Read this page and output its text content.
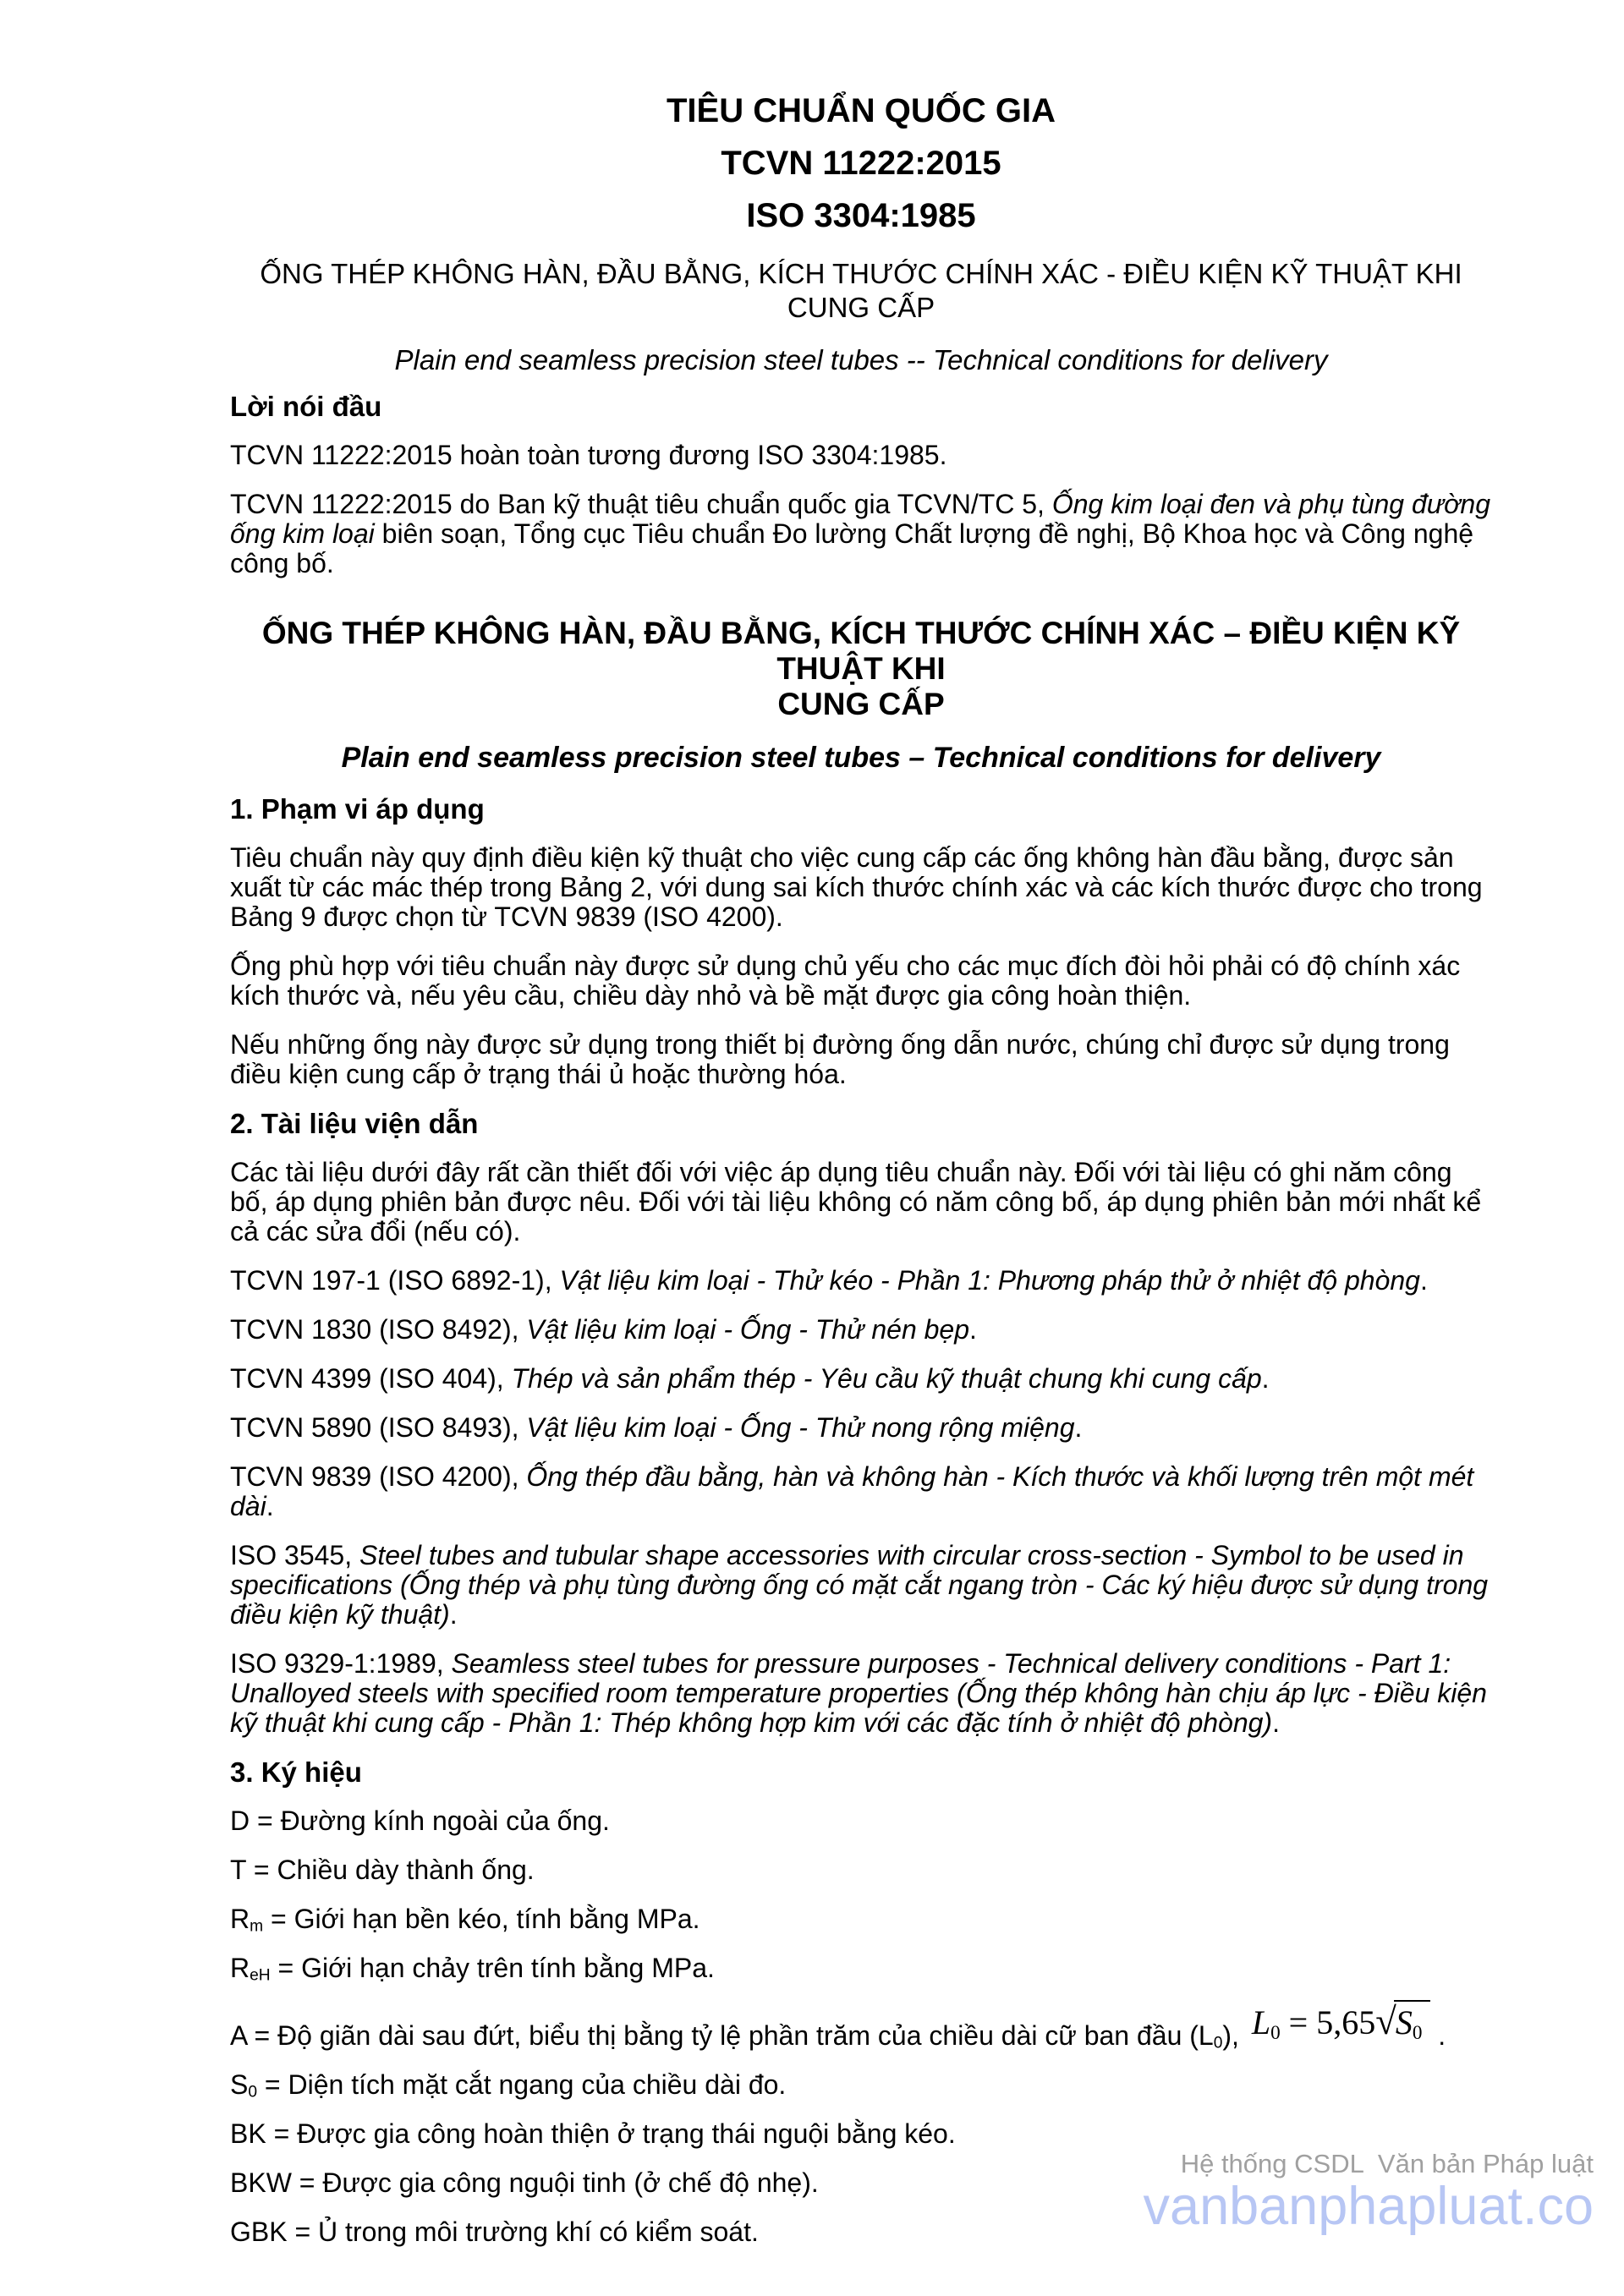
TIÊU CHUẨN QUỐC GIA

TCVN 11222:2015

ISO 3304:1985

ỐNG THÉP KHÔNG HÀN, ĐẦU BẰNG, KÍCH THƯỚC CHÍNH XÁC - ĐIỀU KIỆN KỸ THUẬT KHI
CUNG CẤP

Plain end seamless precision steel tubes -- Technical conditions for delivery

Lời nói đầu

TCVN 11222:2015 hoàn toàn tương đương ISO 3304:1985.

TCVN 11222:2015 do Ban kỹ thuật tiêu chuẩn quốc gia TCVN/TC 5, Ống kim loại đen và phụ tùng đường ống kim loại biên soạn, Tổng cục Tiêu chuẩn Đo lường Chất lượng đề nghị, Bộ Khoa học và Công nghệ công bố.

ỐNG THÉP KHÔNG HÀN, ĐẦU BẰNG, KÍCH THƯỚC CHÍNH XÁC – ĐIỀU KIỆN KỸ THUẬT KHI
CUNG CẤP

Plain end seamless precision steel tubes – Technical conditions for delivery

1. Phạm vi áp dụng

Tiêu chuẩn này quy định điều kiện kỹ thuật cho việc cung cấp các ống không hàn đầu bằng, được sản xuất từ các mác thép trong Bảng 2, với dung sai kích thước chính xác và các kích thước được cho trong Bảng 9 được chọn từ TCVN 9839 (ISO 4200).

Ống phù hợp với tiêu chuẩn này được sử dụng chủ yếu cho các mục đích đòi hỏi phải có độ chính xác kích thước và, nếu yêu cầu, chiều dày nhỏ và bề mặt được gia công hoàn thiện.

Nếu những ống này được sử dụng trong thiết bị đường ống dẫn nước, chúng chỉ được sử dụng trong điều kiện cung cấp ở trạng thái ủ hoặc thường hóa.

2. Tài liệu viện dẫn

Các tài liệu dưới đây rất cần thiết đối với việc áp dụng tiêu chuẩn này. Đối với tài liệu có ghi năm công bố, áp dụng phiên bản được nêu. Đối với tài liệu không có năm công bố, áp dụng phiên bản mới nhất kể cả các sửa đổi (nếu có).

TCVN 197-1 (ISO 6892-1), Vật liệu kim loại - Thử kéo - Phần 1: Phương pháp thử ở nhiệt độ phòng.

TCVN 1830 (ISO 8492), Vật liệu kim loại - Ống - Thử nén bẹp.

TCVN 4399 (ISO 404), Thép và sản phẩm thép - Yêu cầu kỹ thuật chung khi cung cấp.

TCVN 5890 (ISO 8493), Vật liệu kim loại - Ống - Thử nong rộng miệng.

TCVN 9839 (ISO 4200), Ống thép đầu bằng, hàn và không hàn - Kích thước và khối lượng trên một mét dài.

ISO 3545, Steel tubes and tubular shape accessories with circular cross-section - Symbol to be used in specifications (Ống thép và phụ tùng đường ống có mặt cắt ngang tròn - Các ký hiệu được sử dụng trong điều kiện kỹ thuật).

ISO 9329-1:1989, Seamless steel tubes for pressure purposes - Technical delivery conditions - Part 1: Unalloyed steels with specified room temperature properties (Ống thép không hàn chịu áp lực - Điều kiện kỹ thuật khi cung cấp - Phần 1: Thép không hợp kim với các đặc tính ở nhiệt độ phòng).

3. Ký hiệu

D = Đường kính ngoài của ống.

T = Chiều dày thành ống.

$R_m$ = Giới hạn bền kéo, tính bằng MPa.

$R_{eH}$ = Giới hạn chảy trên tính bằng MPa.

A = Độ giãn dài sau đứt, biểu thị bằng tỷ lệ phần trăm của chiều dài cữ ban đầu $(L_0)$, $L_0 = 5,65√S_0$ .

$S_0$ = Diện tích mặt cắt ngang của chiều dài đo.

BK = Được gia công hoàn thiện ở trạng thái nguội bằng kéo.

BKW = Được gia công nguội tinh (ở chế độ nhẹ).

GBK = Ủ trong môi trường khí có kiểm soát.

Hệ thống CSDL  Văn bản Pháp luật
vanbanphapluat.co
